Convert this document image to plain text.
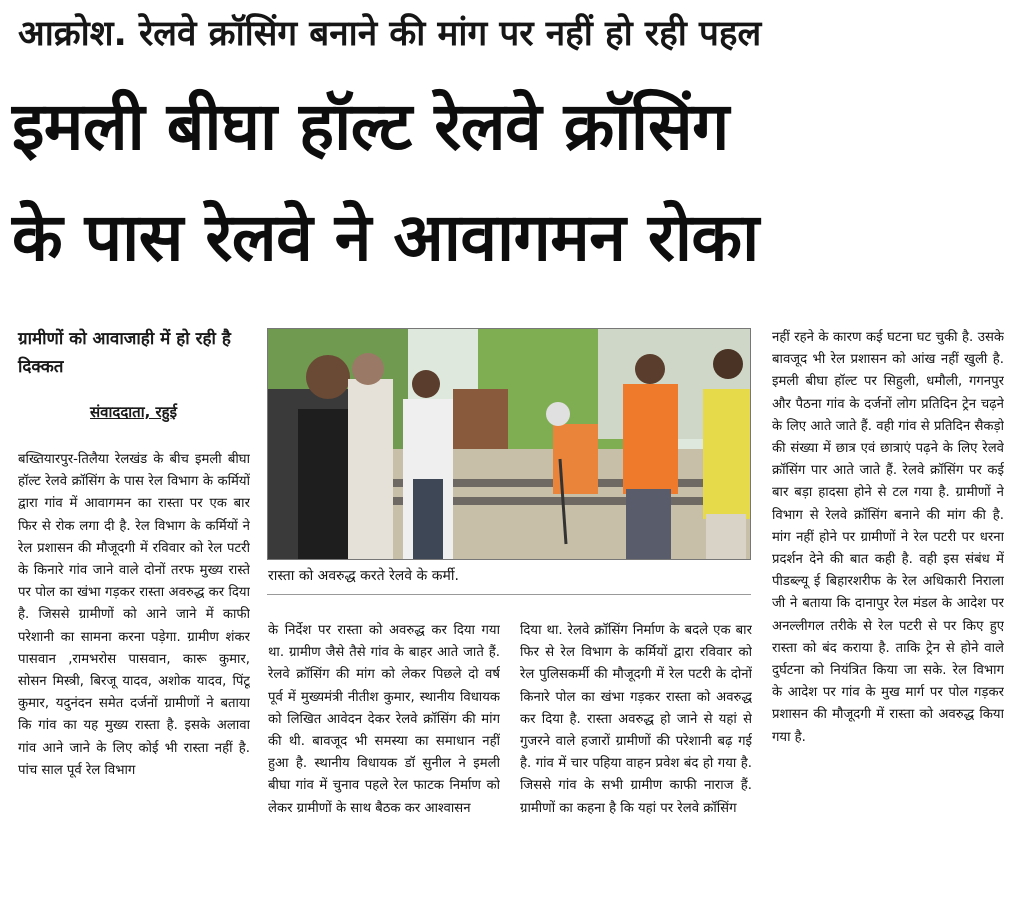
आक्रोश. रेलवे क्रॉसिंग बनाने की मांग पर नहीं हो रही पहल
इमली बीघा हॉल्ट रेलवे क्रॉसिंग
के पास रेलवे ने आवागमन रोका
ग्रामीणों को आवाजाही में हो रही है दिक्कत
संवाददाता, रहुई
बख्तियारपुर-तिलैया रेलखंड के बीच इमली बीघा हॉल्ट रेलवे क्रॉसिंग के पास रेल विभाग के कर्मियों द्वारा गांव में आवागमन का रास्ता पर एक बार फिर से रोक लगा दी है. रेल विभाग के कर्मियों ने रेल प्रशासन की मौजूदगी में रविवार को रेल पटरी के किनारे गांव जाने वाले दोनों तरफ मुख्य रास्ते पर पोल का खंभा गड़कर रास्ता अवरुद्ध कर दिया है. जिससे ग्रामीणों को आने जाने में काफी परेशानी का सामना करना पड़ेगा. ग्रामीण शंकर पासवान ,रामभरोस पासवान, कारू कुमार, सोसन मिस्त्री, बिरजू यादव, अशोक यादव, पिंटू कुमार, यदुनंदन समेत दर्जनों ग्रामीणों ने बताया कि गांव का यह मुख्य रास्ता है. इसके अलावा गांव आने जाने के लिए कोई भी रास्ता नहीं है. पांच साल पूर्व रेल विभाग
रास्ता को अवरुद्ध करते रेलवे के कर्मी.
के निर्देश पर रास्ता को अवरुद्ध कर दिया गया था. ग्रामीण जैसे तैसे गांव के बाहर आते जाते हैं. रेलवे क्रॉसिंग की मांग को लेकर पिछले दो वर्ष पूर्व में मुख्यमंत्री नीतीश कुमार, स्थानीय विधायक को लिखित आवेदन देकर रेलवे क्रॉसिंग की मांग की थी. बावजूद भी समस्या का समाधान नहीं हुआ है. स्थानीय विधायक डॉ सुनील ने इमली बीघा गांव में चुनाव पहले रेल फाटक निर्माण को लेकर ग्रामीणों के साथ बैठक कर आश्वासन
दिया था. रेलवे क्रॉसिंग निर्माण के बदले एक बार फिर से रेल विभाग के कर्मियों द्वारा रविवार को रेल पुलिसकर्मी की मौजूदगी में रेल पटरी के दोनों किनारे पोल का खंभा गड़कर रास्ता को अवरुद्ध कर दिया है. रास्ता अवरुद्ध हो जाने से यहां से गुजरने वाले हजारों ग्रामीणों की परेशानी बढ़ गई है. गांव में चार पहिया वाहन प्रवेश बंद हो गया है. जिससे गांव के सभी ग्रामीण काफी नाराज हैं. ग्रामीणों का कहना है कि यहां पर रेलवे क्रॉसिंग
नहीं रहने के कारण कई घटना घट चुकी है. उसके बावजूद भी रेल प्रशासन को आंख नहीं खुली है. इमली बीघा हॉल्ट पर सिहुली, धमौली, गगनपुर और पैठना गांव के दर्जनों लोग प्रतिदिन ट्रेन चढ़ने के लिए आते जाते हैं. वही गांव से प्रतिदिन सैकड़ो की संख्या में छात्र एवं छात्राएं पढ़ने के लिए रेलवे क्रॉसिंग पार आते जाते हैं. रेलवे क्रॉसिंग पर कई बार बड़ा हादसा होने से टल गया है. ग्रामीणों ने विभाग से रेलवे क्रॉसिंग बनाने की मांग की है. मांग नहीं होने पर ग्रामीणों ने रेल पटरी पर धरना प्रदर्शन देने की बात कही है. वही इस संबंध में पीडब्ल्यू ई बिहारशरीफ के रेल अधिकारी निराला जी ने बताया कि दानापुर रेल मंडल के आदेश पर अनल्लीगल तरीके से रेल पटरी से पर किए हुए रास्ता को बंद कराया है. ताकि ट्रेन से होने वाले दुर्घटना को नियंत्रित किया जा सके. रेल विभाग के आदेश पर गांव के मुख मार्ग पर पोल गड़कर प्रशासन की मौजूदगी में रास्ता को अवरुद्ध किया गया है.
